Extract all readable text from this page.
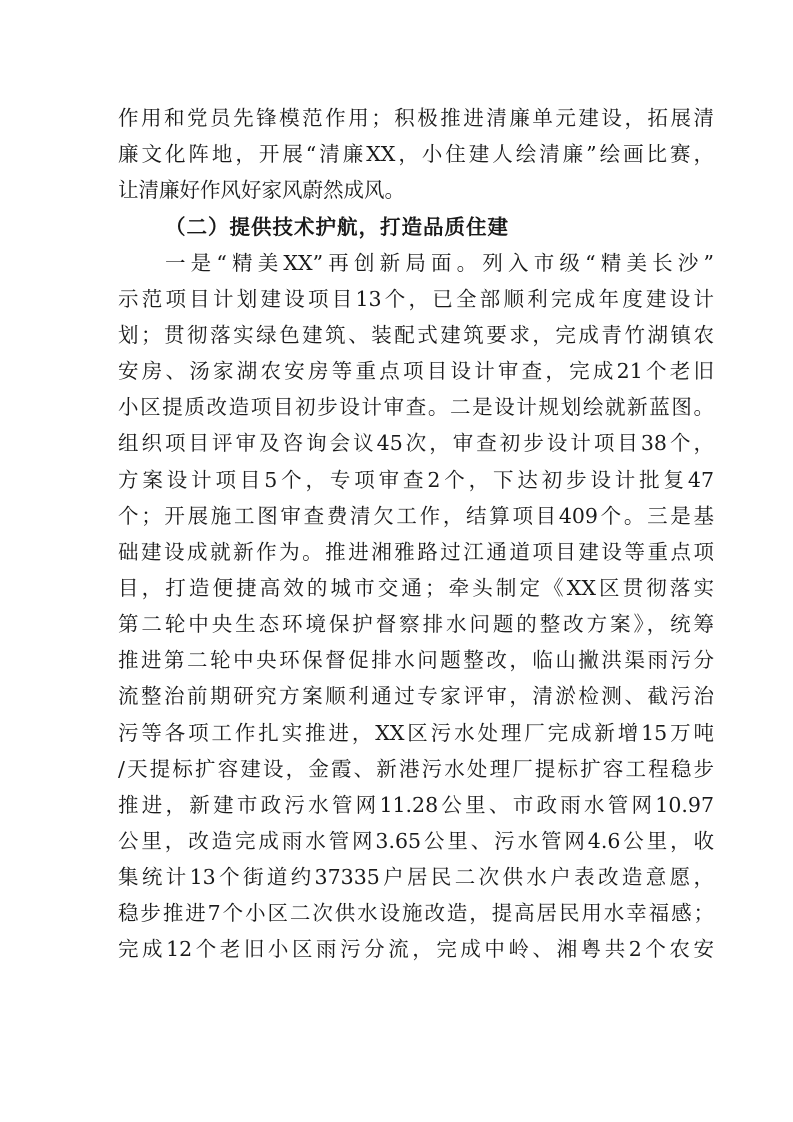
作用和党员先锋模范作用；积极推进清廉单元建设，拓展清
廉文化阵地，开展“清廉XX，小住建人绘清廉”绘画比赛，
让清廉好作风好家风蔚然成风。
（二）提供技术护航，打造品质住建
一是“精美XX”再创新局面。列入市级“精美长沙”
示范项目计划建设项目13个，已全部顺利完成年度建设计
划；贯彻落实绿色建筑、装配式建筑要求，完成青竹湖镇农
安房、汤家湖农安房等重点项目设计审查，完成21个老旧
小区提质改造项目初步设计审查。二是设计规划绘就新蓝图。
组织项目评审及咨询会议45次，审查初步设计项目38个，
方案设计项目5个，专项审查2个，下达初步设计批复47
个；开展施工图审查费清欠工作，结算项目409个。三是基
础建设成就新作为。推进湘雅路过江通道项目建设等重点项
目，打造便捷高效的城市交通；牵头制定《XX区贯彻落实
第二轮中央生态环境保护督察排水问题的整改方案》，统筹
推进第二轮中央环保督促排水问题整改，临山撇洪渠雨污分
流整治前期研究方案顺利通过专家评审，清淤检测、截污治
污等各项工作扎实推进，XX区污水处理厂完成新增15万吨
/天提标扩容建设，金霞、新港污水处理厂提标扩容工程稳步
推进，新建市政污水管网11.28公里、市政雨水管网10.97
公里，改造完成雨水管网3.65公里、污水管网4.6公里，收
集统计13个街道约37335户居民二次供水户表改造意愿，
稳步推进7个小区二次供水设施改造，提高居民用水幸福感；
完成12个老旧小区雨污分流，完成中岭、湘粤共2个农安
